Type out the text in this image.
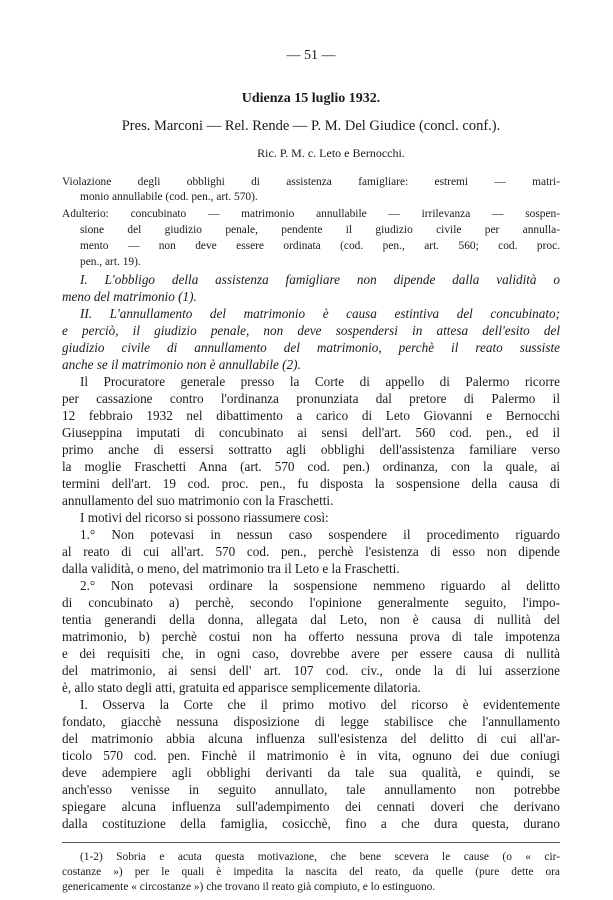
— 51 —
Udienza 15 luglio 1932.
Pres. Marconi — Rel. Rende — P. M. Del Giudice (concl. conf.).
Ric. P. M. c. Leto e Bernocchi.
Violazione degli obblighi di assistenza famigliare: estremi — matri-
monio annullabile (cod. pen., art. 570).
Adulterio: concubinato — matrimonio annullabile — irrilevanza — sospen-
sione del giudizio penale, pendente il giudizio civile per annulla-
mento — non deve essere ordinata (cod. pen., art. 560; cod. proc.
pen., art. 19).
I. L'obbligo della assistenza famigliare non dipende dalla validità o
meno del matrimonio (1).
II. L'annullamento del matrimonio è causa estintiva del concubinato;
e perciò, il giudizio penale, non deve sospendersi in attesa dell'esito del
giudizio civile di annullamento del matrimonio, perchè il reato sussiste
anche se il matrimonio non è annullabile (2).
Il Procuratore generale presso la Corte di appello di Palermo ricorre
per cassazione contro l'ordinanza pronunziata dal pretore di Palermo il
12 febbraio 1932 nel dibattimento a carico di Leto Giovanni e Bernocchi
Giuseppina imputati di concubinato ai sensi dell'art. 560 cod. pen., ed il
primo anche di essersi sottratto agli obblighi dell'assistenza familiare verso
la moglie Fraschetti Anna (art. 570 cod. pen.) ordinanza, con la quale, ai
termini dell'art. 19 cod. proc. pen., fu disposta la sospensione della causa di
annullamento del suo matrimonio con la Fraschetti.
I motivi del ricorso si possono riassumere così:
1.° Non potevasi in nessun caso sospendere il procedimento riguardo
al reato di cui all'art. 570 cod. pen., perchè l'esistenza di esso non dipende
dalla validità, o meno, del matrimonio tra il Leto e la Fraschetti.
2.° Non potevasi ordinare la sospensione nemmeno riguardo al delitto
di concubinato a) perchè, secondo l'opinione generalmente seguito, l'impo-
tentia generandi della donna, allegata dal Leto, non è causa di nullità del
matrimonio, b) perchè costui non ha offerto nessuna prova di tale impotenza
e dei requisiti che, in ogni caso, dovrebbe avere per essere causa di nullità
del matrimonio, ai sensi dell' art. 107 cod. civ., onde la di lui asserzione
è, allo stato degli atti, gratuita ed apparisce semplicemente dilatoria.
I. Osserva la Corte che il primo motivo del ricorso è evidentemente
fondato, giacchè nessuna disposizione di legge stabilisce che l'annullamento
del matrimonio abbia alcuna influenza sull'esistenza del delitto di cui all'ar-
ticolo 570 cod. pen. Finchè il matrimonio è in vita, ognuno dei due coniugi
deve adempiere agli obblighi derivanti da tale sua qualità, e quindi, se
anch'esso venisse in seguito annullato, tale annullamento non potrebbe
spiegare alcuna influenza sull'adempimento dei cennati doveri che derivano
dalla costituzione della famiglia, cosicchè, fino a che dura questa, durano
(1-2) Sobria e acuta questa motivazione, che bene scevera le cause (o « cir-
costanze ») per le quali è impedita la nascita del reato, da quelle (pure dette ora
genericamente « circostanze ») che trovano il reato già compiuto, e lo estinguono.
